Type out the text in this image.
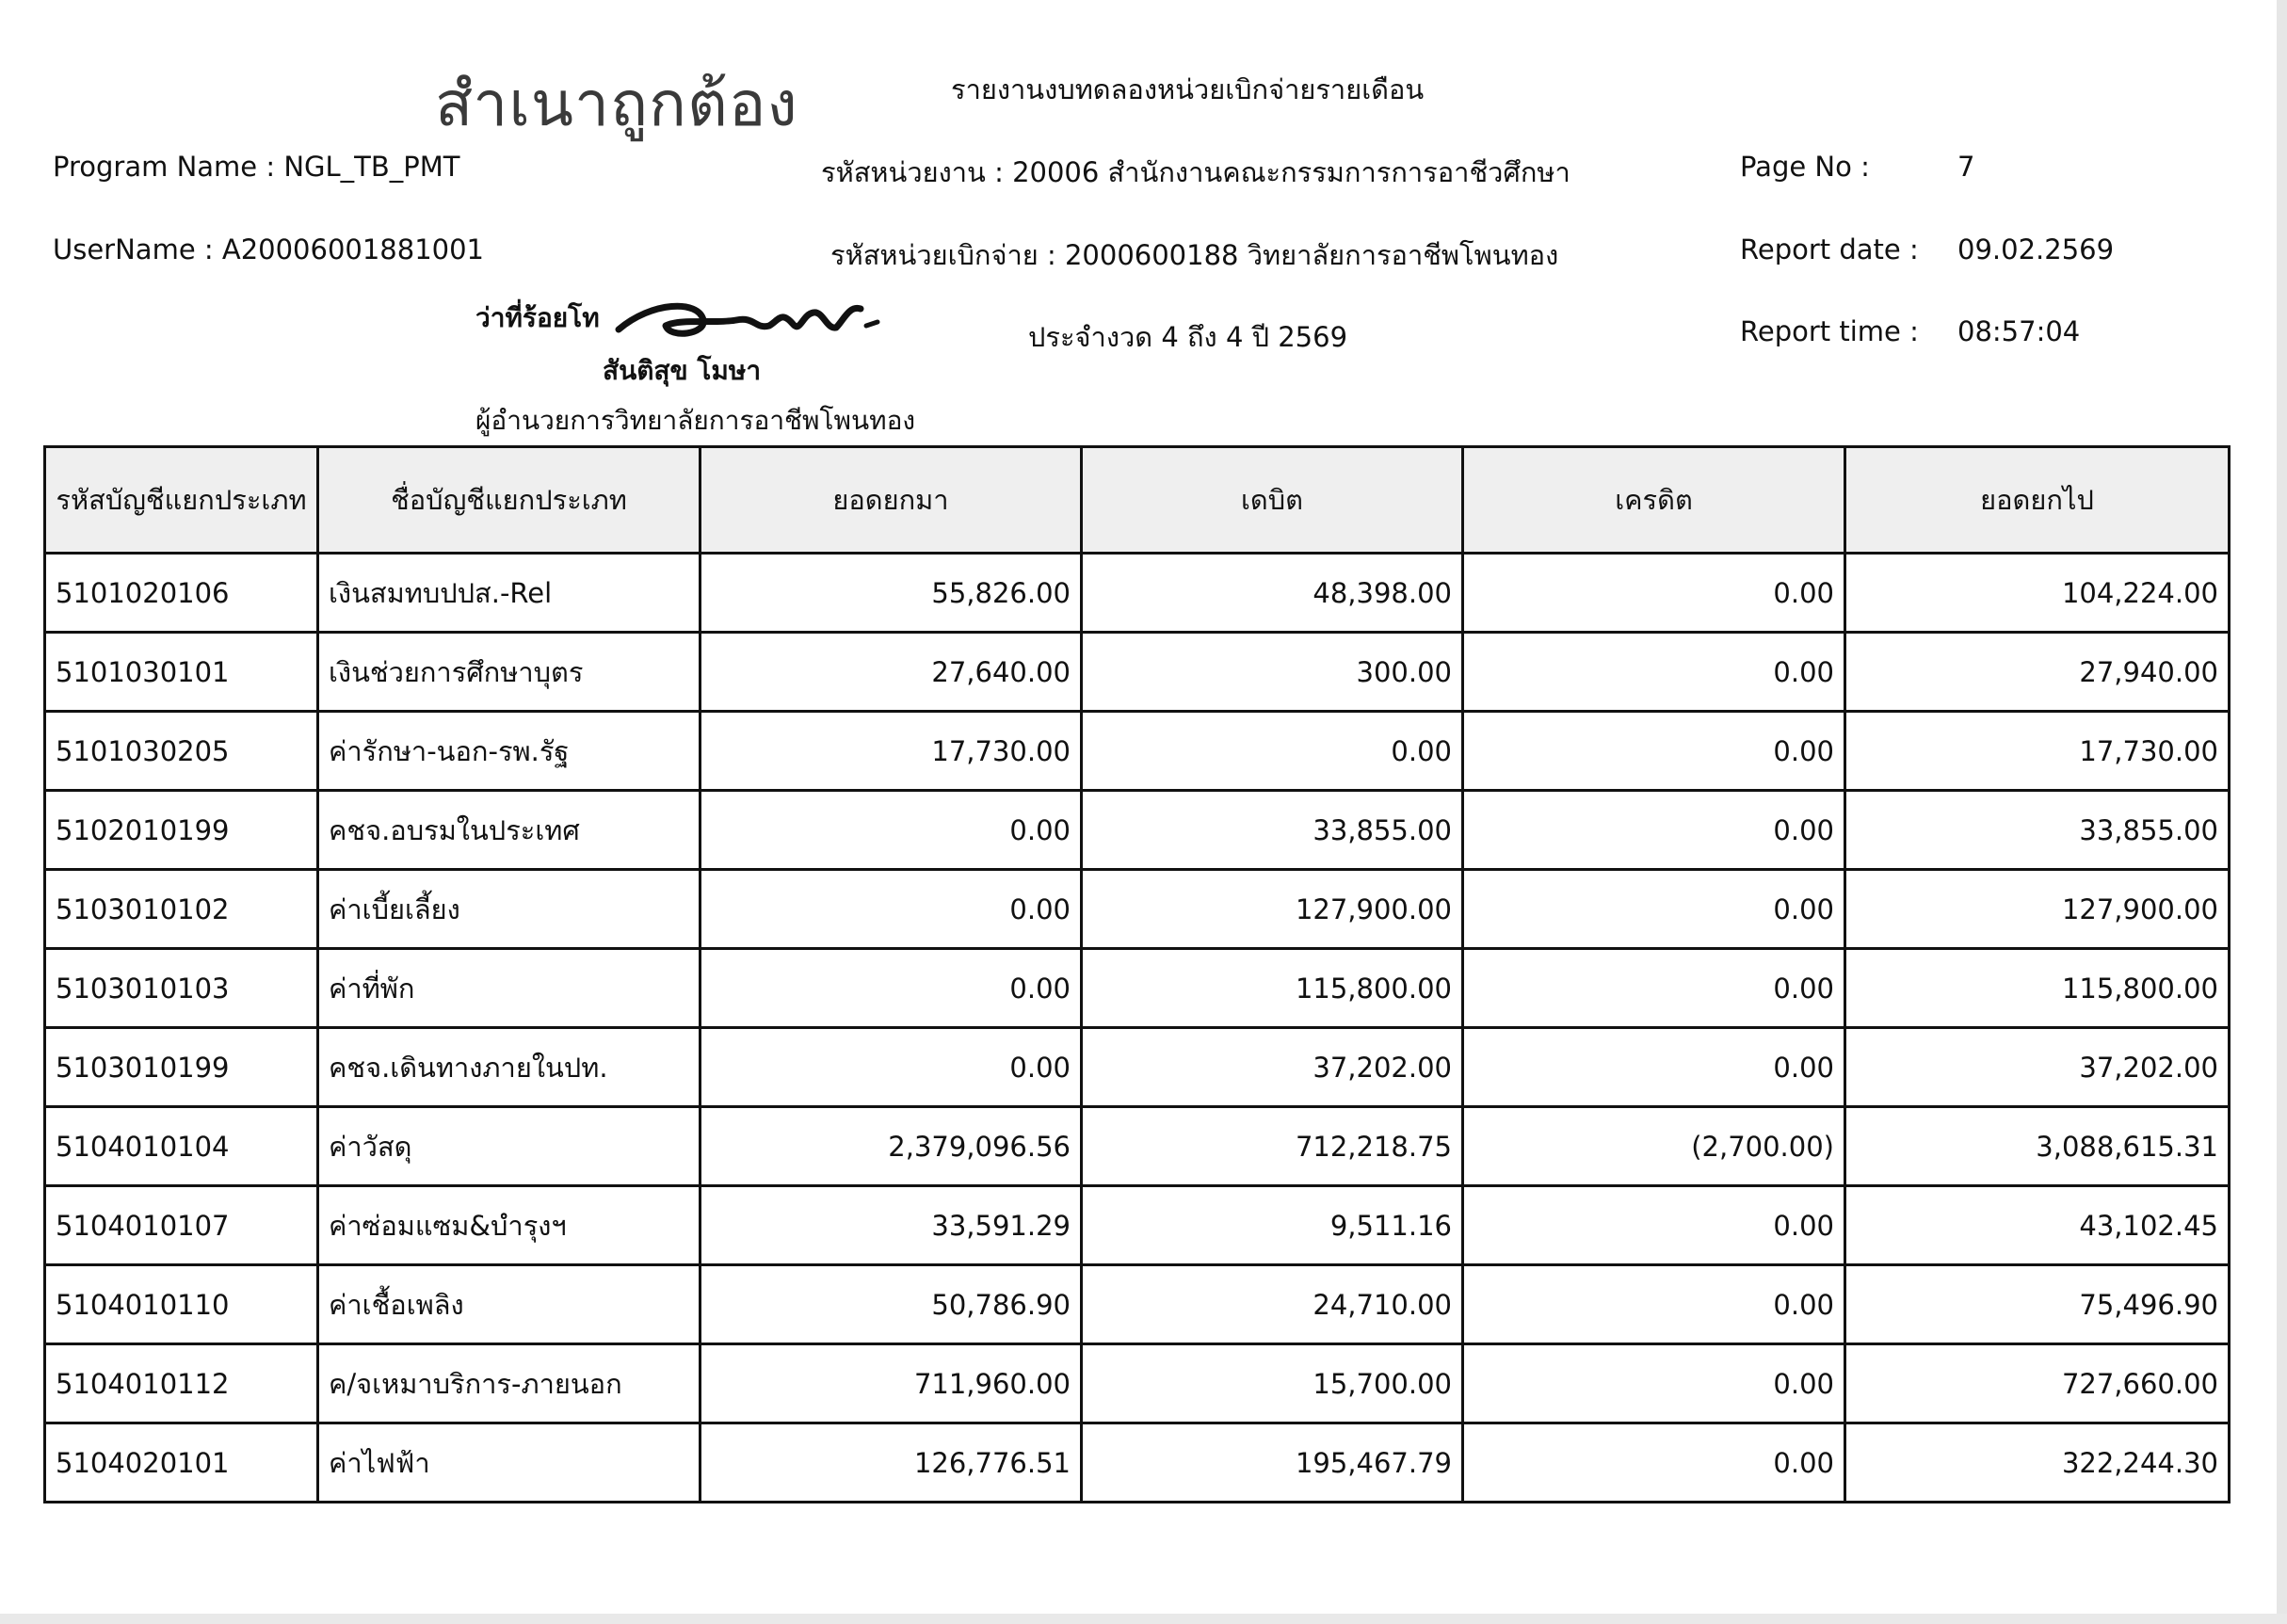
สำเนาถูกต้อง	รายงานงบทดลองหน่วยเบิกจ่ายรายเดือน
Program Name : NGL_TB_PMT
UserName : A20006001881001
รหัสหน่วยงาน : 20006 สำนักงานคณะกรรมการการอาชีวศึกษา
รหัสหน่วยเบิกจ่าย : 2000600188 วิทยาลัยการอาชีพโพนทอง
ประจำงวด 4 ถึง 4 ปี 2569
Page No :	7
Report date : 09.02.2569
Report time : 08:57:04
ว่าที่ร้อยโท
สันติสุข โมษา
ผู้อำนวยการวิทยาลัยการอาชีพโพนทอง
รหัสบัญชีแยกประเภท	ชื่อบัญชีแยกประเภท	ยอดยกมา	เดบิต	เครดิต	ยอดยกไป
5101020106	เงินสมทบปปส.-Rel	55,826.00	48,398.00	0.00	104,224.00
5101030101	เงินช่วยการศึกษาบุตร	27,640.00	300.00	0.00	27,940.00
5101030205	ค่ารักษา-นอก-รพ.รัฐ	17,730.00	0.00	0.00	17,730.00
5102010199	คชจ.อบรมในประเทศ	0.00	33,855.00	0.00	33,855.00
5103010102	ค่าเบี้ยเลี้ยง	0.00	127,900.00	0.00	127,900.00
5103010103	ค่าที่พัก	0.00	115,800.00	0.00	115,800.00
5103010199	คชจ.เดินทางภายในปท.	0.00	37,202.00	0.00	37,202.00
5104010104	ค่าวัสดุ	2,379,096.56	712,218.75	(2,700.00)	3,088,615.31
5104010107	ค่าซ่อมแซม&บำรุงฯ	33,591.29	9,511.16	0.00	43,102.45
5104010110	ค่าเชื้อเพลิง	50,786.90	24,710.00	0.00	75,496.90
5104010112	ค/จเหมาบริการ-ภายนอก	711,960.00	15,700.00	0.00	727,660.00
5104020101	ค่าไฟฟ้า	126,776.51	195,467.79	0.00	322,244.30
